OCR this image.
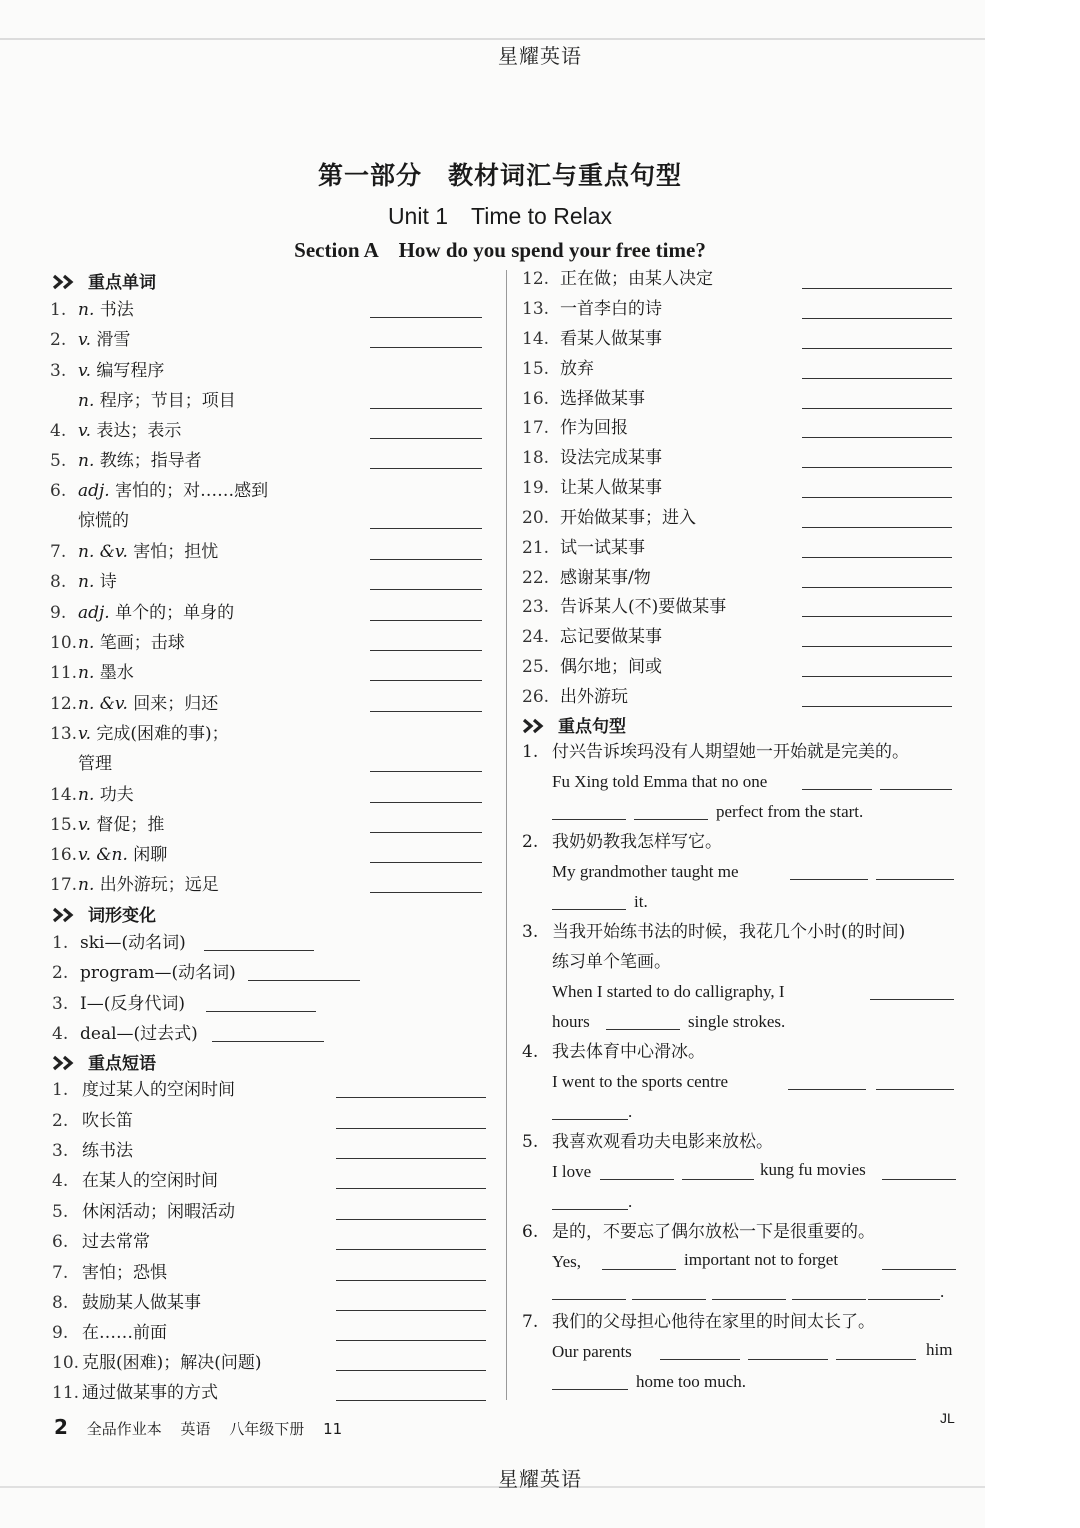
星耀英语
第一部分　教材词汇与重点句型
Unit 1　Time to Relax
Section A　How do you spend your free time?
重点单词
1. n. 书法
2. v. 滑雪
3. v. 编写程序
n. 程序；节目；项目
4. v. 表达；表示
5. n. 教练；指导者
6. adj. 害怕的；对……感到
惊慌的
7. n. &v. 害怕；担忧
8. n. 诗
9. adj. 单个的；单身的
10.n. 笔画；击球
11.n. 墨水
12.n. &v. 回来；归还
13.v. 完成(困难的事)；
管理
14.n. 功夫
15.v. 督促；推
16.v. &n. 闲聊
17.n. 出外游玩；远足
词形变化
1. ski—(动名词)
2. program—(动名词)
3. I—(反身代词)
4. deal—(过去式)
重点短语
1. 度过某人的空闲时间
2. 吹长笛
3. 练书法
4. 在某人的空闲时间
5. 休闲活动；闲暇活动
6. 过去常常
7. 害怕；恐惧
8. 鼓励某人做某事
9. 在……前面
10. 克服(困难)；解决(问题)
11. 通过做某事的方式
12. 正在做；由某人决定
13. 一首李白的诗
14. 看某人做某事
15. 放弃
16. 选择做某事
17. 作为回报
18. 设法完成某事
19. 让某人做某事
20. 开始做某事；进入
21. 试一试某事
22. 感谢某事/物
23. 告诉某人(不)要做某事
24. 忘记要做某事
25. 偶尔地；间或
26. 出外游玩
重点句型
1. 付兴告诉埃玛没有人期望她一开始就是完美的。
Fu Xing told Emma that no one
perfect from the start.
2. 我奶奶教我怎样写它。
My grandmother taught me
it.
3. 当我开始练书法的时候，我花几个小时(的时间)
练习单个笔画。
When I started to do calligraphy, I
hours	single strokes.
4. 我去体育中心滑冰。
I went to the sports centre
.
5. 我喜欢观看功夫电影来放松。
I love	kung fu movies
.
6. 是的，不要忘了偶尔放松一下是很重要的。
Yes,	important not to forget
.
7. 我们的父母担心他待在家里的时间太长了。
Our parents	him
home too much.
2 全品作业本 英语 八年级下册 11
JL
星耀英语
